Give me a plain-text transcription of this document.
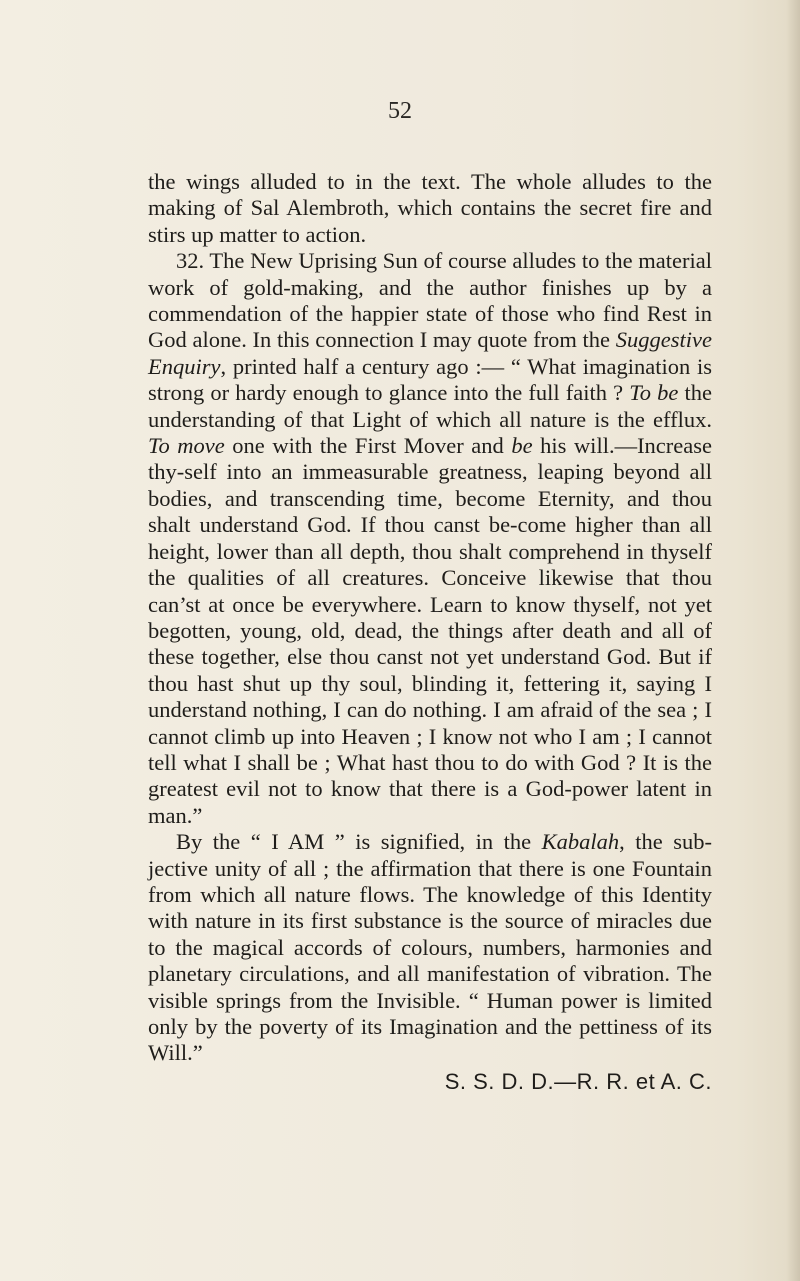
52

the wings alluded to in the text. The whole alludes to the making of Sal Alembroth, which contains the secret fire and stirs up matter to action.

32. The New Uprising Sun of course alludes to the material work of gold-making, and the author finishes up by a commendation of the happier state of those who find Rest in God alone. In this connection I may quote from the Suggestive Enquiry, printed half a century ago :— “ What imagination is strong or hardy enough to glance into the full faith ? To be the understanding of that Light of which all nature is the efflux. To move one with the First Mover and be his will.—Increase thy-self into an immeasurable greatness, leaping beyond all bodies, and transcending time, become Eternity, and thou shalt understand God. If thou canst be-come higher than all height, lower than all depth, thou shalt comprehend in thyself the qualities of all creatures. Conceive likewise that thou can’st at once be everywhere. Learn to know thyself, not yet begotten, young, old, dead, the things after death and all of these together, else thou canst not yet understand God. But if thou hast shut up thy soul, blinding it, fettering it, saying I understand nothing, I can do nothing. I am afraid of the sea ; I cannot climb up into Heaven ; I know not who I am ; I cannot tell what I shall be ; What hast thou to do with God ? It is the greatest evil not to know that there is a God-power latent in man.”

By the “ I AM ” is signified, in the Kabalah, the sub-jective unity of all ; the affirmation that there is one Fountain from which all nature flows. The knowledge of this Identity with nature in its first substance is the source of miracles due to the magical accords of colours, numbers, harmonies and planetary circulations, and all manifestation of vibration. The visible springs from the Invisible. “ Human power is limited only by the poverty of its Imagination and the pettiness of its Will.”

S. S. D. D.—R. R. et A. C.
